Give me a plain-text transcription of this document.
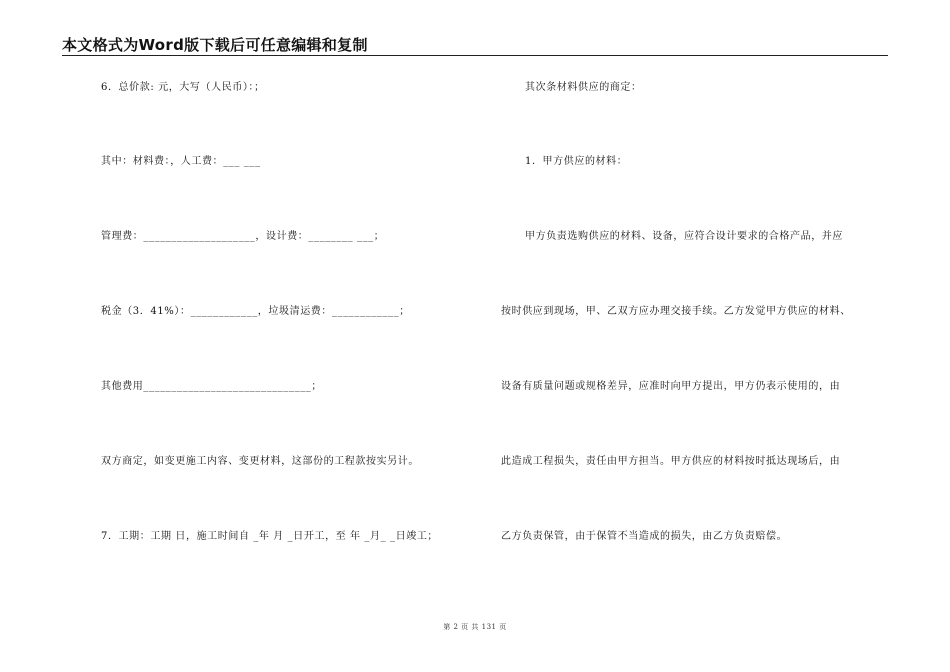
本文格式为Word版下载后可任意编辑和复制
6．总价款: 元，大写（人民币）：；
其中：材料费：，人工费：___ ___
管理费：____________________，设计费：________ ___；
税金（3．41%）：____________，垃圾清运费：____________；
其他费用______________________________；
双方商定，如变更施工内容、变更材料，这部份的工程款按实另计。
7．工期：工期 日，施工时间自 _年 月 _日开工，至 年 _月_ _日竣工；
其次条材料供应的商定：
1．甲方供应的材料：
甲方负责选购供应的材料、设备，应符合设计要求的合格产品，并应
按时供应到现场，甲、乙双方应办理交接手续。乙方发觉甲方供应的材料、
设备有质量问题或规格差异，应准时向甲方提出，甲方仍表示使用的，由
此造成工程损失，责任由甲方担当。甲方供应的材料按时抵达现场后，由
乙方负责保管，由于保管不当造成的损失，由乙方负责赔偿。
第 2 页 共 131 页
